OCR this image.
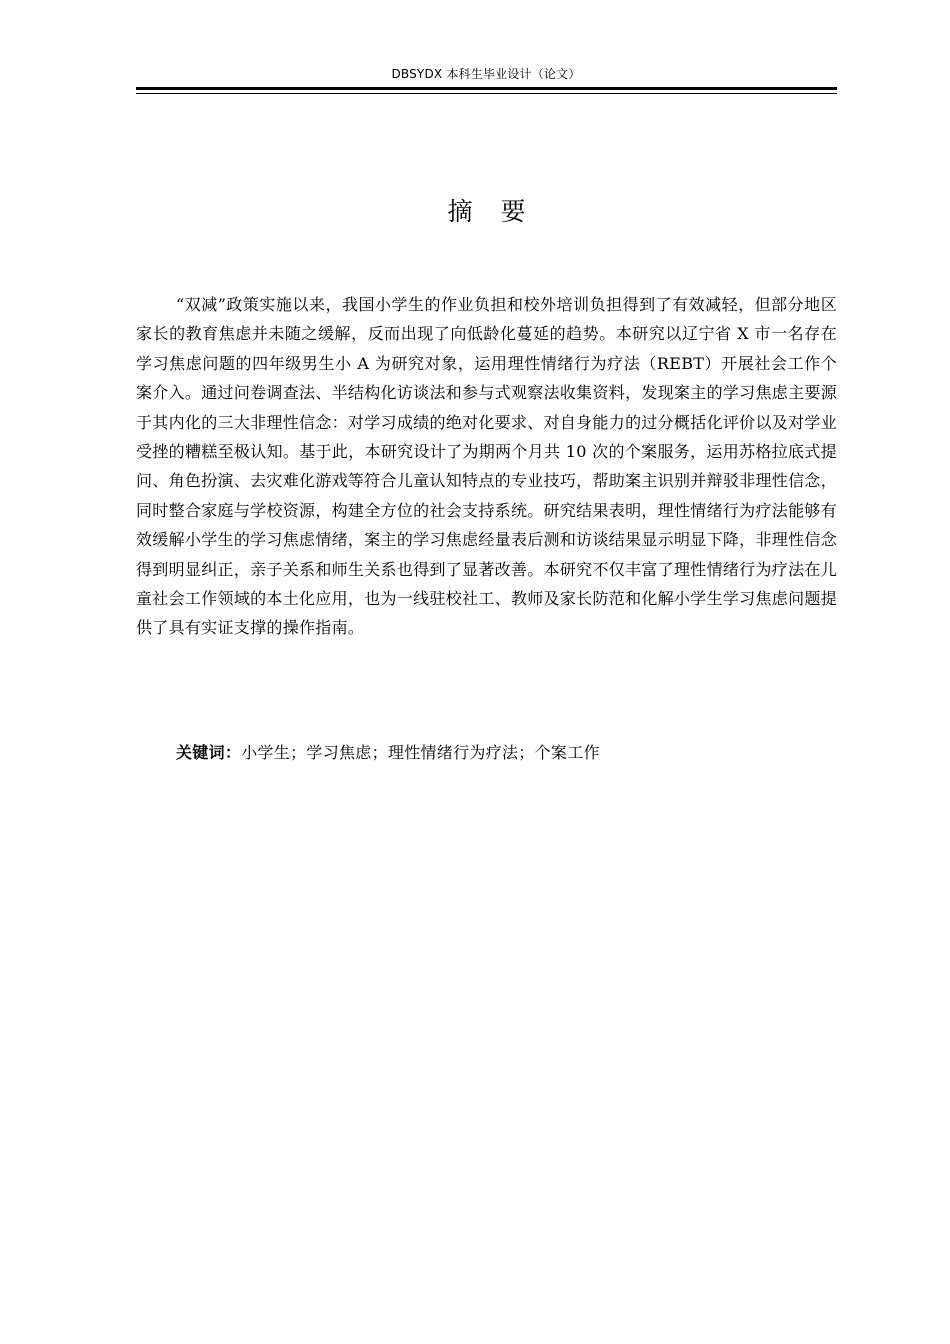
DBSYDX 本科生毕业设计（论文）
摘 要

“双减”政策实施以来，我国小学生的作业负担和校外培训负担得到了有效减轻，但部分地区家长的教育焦虑并未随之缓解，反而出现了向低龄化蔓延的趋势。本研究以辽宁省 X 市一名存在学习焦虑问题的四年级男生小 A 为研究对象，运用理性情绪行为疗法（REBT）开展社会工作个案介入。通过问卷调查法、半结构化访谈法和参与式观察法收集资料，发现案主的学习焦虑主要源于其内化的三大非理性信念：对学习成绩的绝对化要求、对自身能力的过分概括化评价以及对学业受挫的糟糕至极认知。基于此，本研究设计了为期两个月共 10 次的个案服务，运用苏格拉底式提问、角色扮演、去灾难化游戏等符合儿童认知特点的专业技巧，帮助案主识别并辩驳非理性信念，同时整合家庭与学校资源，构建全方位的社会支持系统。研究结果表明，理性情绪行为疗法能够有效缓解小学生的学习焦虑情绪，案主的学习焦虑经量表后测和访谈结果显示明显下降，非理性信念得到明显纠正，亲子关系和师生关系也得到了显著改善。本研究不仅丰富了理性情绪行为疗法在儿童社会工作领域的本土化应用，也为一线驻校社工、教师及家长防范和化解小学生学习焦虑问题提供了具有实证支撑的操作指南。

关键词：小学生；学习焦虑；理性情绪行为疗法；个案工作
